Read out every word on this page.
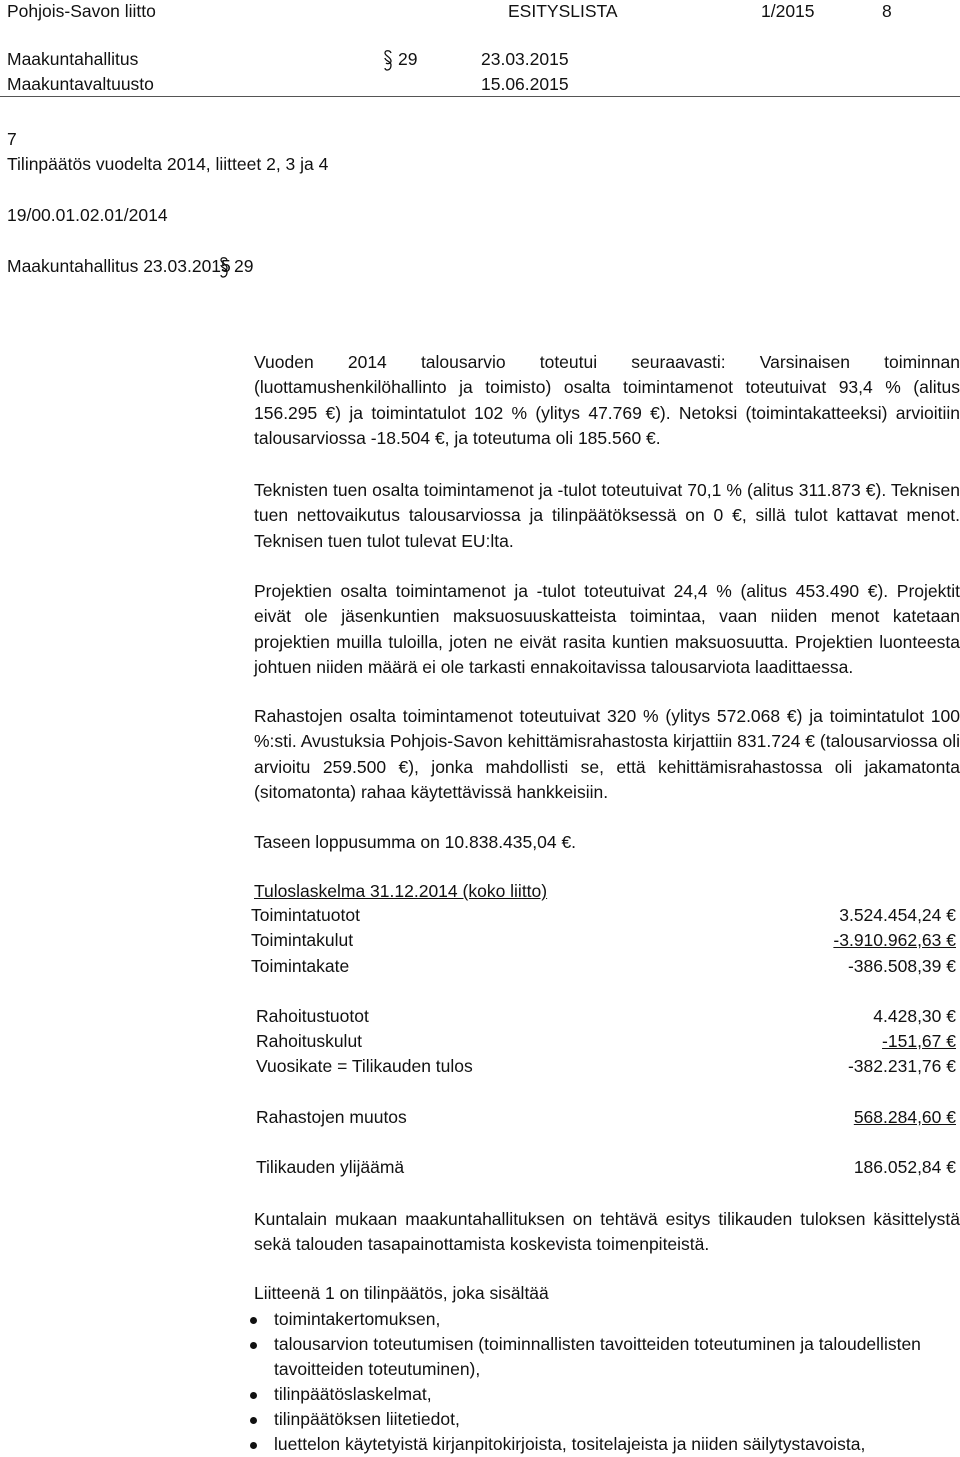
Pohjois-Savon liitto	ESITYSLISTA	1/2015	8
Maakuntahallitus	29	23.03.2015
Maakuntavaltuusto	15.06.2015
7
Tilinpäätös vuodelta 2014, liitteet 2, 3 ja 4
19/00.01.02.01/2014
Maakuntahallitus 23.03.2015 29
Vuoden 2014 talousarvio toteutui seuraavasti: Varsinaisen toiminnan (luottamushenkilöhallinto ja toimisto) osalta toimintamenot toteutuivat 93,4 % (alitus 156.295 €) ja toimintatulot 102 % (ylitys 47.769 €). Netoksi (toimintakatteeksi) arvioitiin talousarviossa -18.504 €, ja toteutuma oli 185.560 €.
Teknisten tuen osalta toimintamenot ja -tulot toteutuivat 70,1 % (alitus 311.873 €). Teknisen tuen nettovaikutus talousarviossa ja tilinpäätöksessä on 0 €, sillä tulot kattavat menot. Teknisen tuen tulot tulevat EU:lta.
Projektien osalta toimintamenot ja -tulot toteutuivat 24,4 % (alitus 453.490 €). Projektit eivät ole jäsenkuntien maksuosuuskatteista toimintaa, vaan niiden menot katetaan projektien muilla tuloilla, joten ne eivät rasita kuntien maksuosuutta. Projektien luonteesta johtuen niiden määrä ei ole tarkasti ennakoitavissa talousarviota laadittaessa.
Rahastojen osalta toimintamenot toteutuivat 320 % (ylitys 572.068 €) ja toimintatulot 100 %:sti. Avustuksia Pohjois-Savon kehittämisrahastosta kirjattiin 831.724 € (talousarviossa oli arvioitu 259.500 €), jonka mahdollisti se, että kehittämisrahastossa oli jakamatonta (sitomatonta) rahaa käytettävissä hankkeisiin.
Taseen loppusumma on 10.838.435,04 €.
Tuloslaskelma 31.12.2014 (koko liitto)
Toimintatuotot	3.524.454,24 €
Toimintakulut	-3.910.962,63 €
Toimintakate	-386.508,39 €
Rahoitustuotot	4.428,30 €
Rahoituskulut	-151,67 €
Vuosikate = Tilikauden tulos	-382.231,76 €
Rahastojen muutos	568.284,60 €
Tilikauden ylijäämä	186.052,84 €
Kuntalain mukaan maakuntahallituksen on tehtävä esitys tilikauden tuloksen käsittelystä sekä talouden tasapainottamista koskevista toimenpiteistä.
Liitteenä 1 on tilinpäätös, joka sisältää
toimintakertomuksen,
talousarvion toteutumisen (toiminnallisten tavoitteiden toteutuminen ja taloudellisten tavoitteiden toteutuminen),
tilinpäätöslaskelmat,
tilinpäätöksen liitetiedot,
luettelon käytetyistä kirjanpitokirjoista, tositelajeista ja niiden säilytystavoista,
